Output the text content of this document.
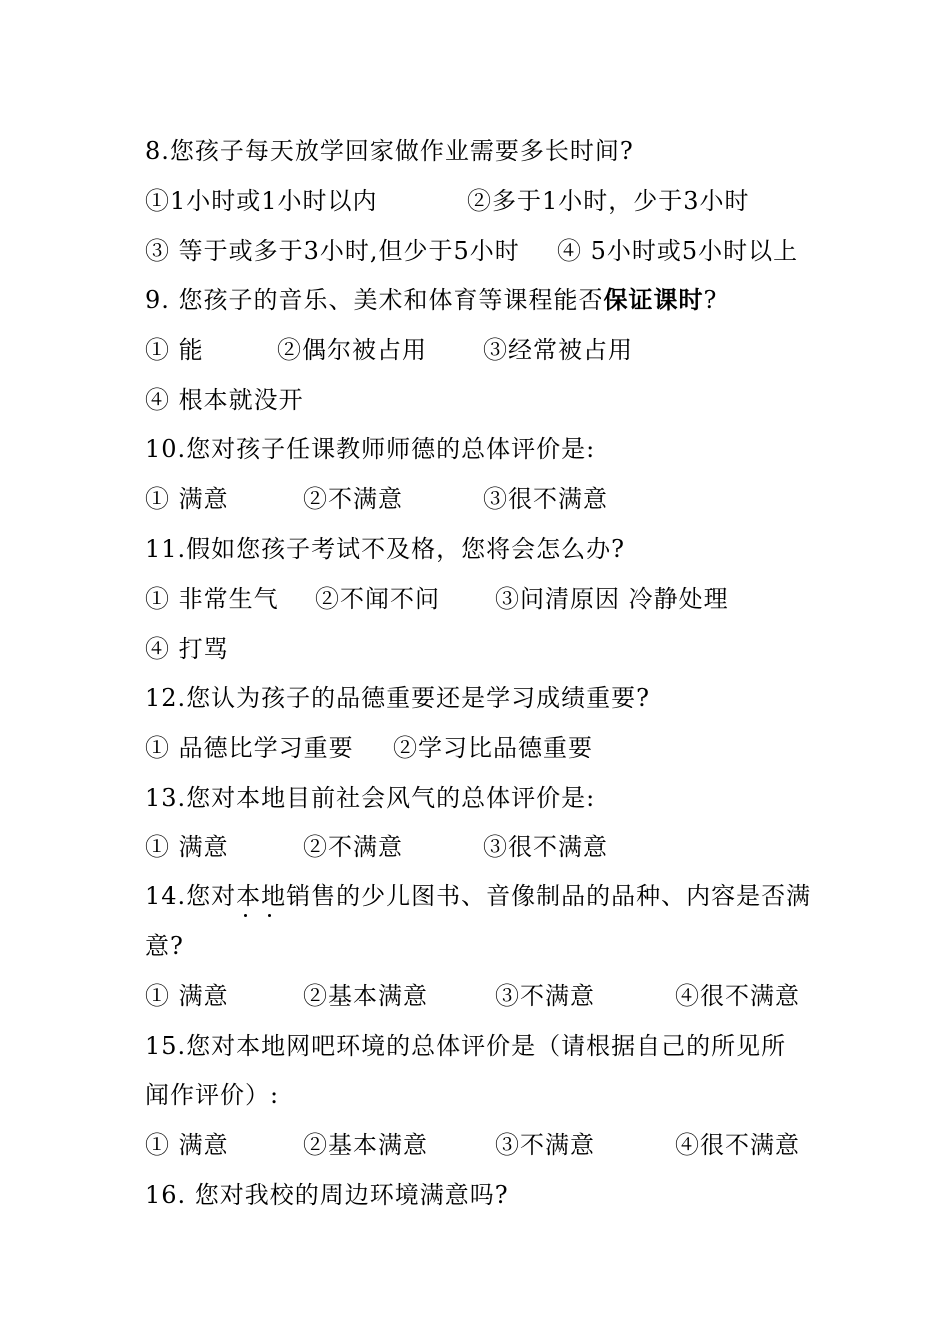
8.您孩子每天放学回家做作业需要多长时间?
①1小时或1小时以内	②多于1小时，少于3小时
③ 等于或多于3小时,但少于5小时 ④ 5小时或5小时以上
9. 您孩子的音乐、美术和体育等课程能否保证课时?
① 能	②偶尔被占用 ③经常被占用
④ 根本就没开
10.您对孩子任课教师师德的总体评价是:
① 满意	②不满意	③很不满意
11.假如您孩子考试不及格，您将会怎么办?
① 非常生气 ②不闻不问 ③问清原因 冷静处理
④ 打骂
12.您认为孩子的品德重要还是学习成绩重要?
① 品德比学习重要 ②学习比品德重要
13.您对本地目前社会风气的总体评价是:
① 满意	②不满意	③很不满意
14.您对本地销售的少儿图书、音像制品的品种、内容是否满
意?
① 满意	②基本满意	③不满意	④很不满意
15.您对本地网吧环境的总体评价是（请根据自己的所见所
闻作评价）:
① 满意	②基本满意	③不满意	④很不满意
16. 您对我校的周边环境满意吗?
